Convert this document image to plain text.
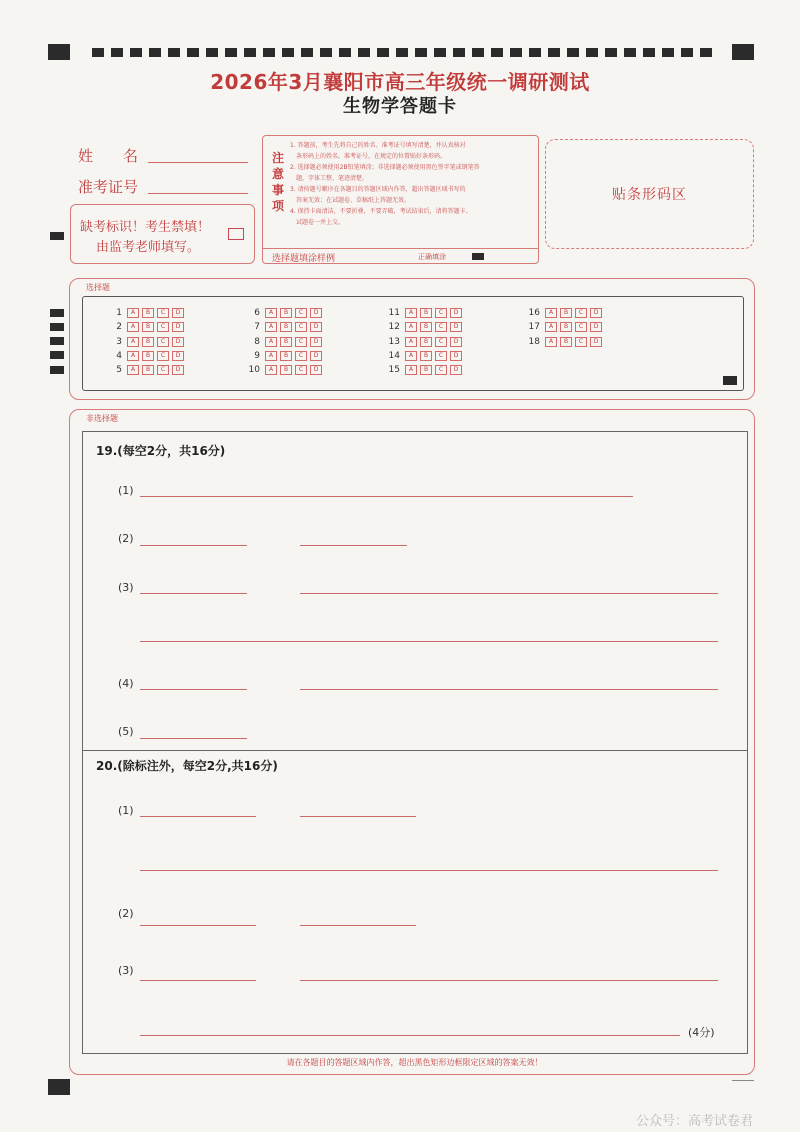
2026年3月襄阳市高三年级统一调研测试
生物学答题卡
姓　　名
准考证号
缺考标识！考生禁填！
由监考老师填写。
注
意
事
项
1. 答题前，考生先将自己的姓名、准考证号填写清楚，并认真核对
条形码上的姓名、准考证号，在规定的位置贴好条形码。
2. 选择题必须使用2B铅笔填涂；非选择题必须使用黑色签字笔或钢笔答
题，字体工整、笔迹清楚。
3. 请按题号顺序在各题目的答题区域内作答，超出答题区域书写的
答案无效；在试题卷、草稿纸上答题无效。
4. 保持卡面清洁，不要折叠，不要弄破，考试结束后，请将答题卡、
试题卷一并上交。
选择题填涂样例	正确填涂
贴条形码区
选择题
1	A	B	C	D
2	A	B	C	D
3	A	B	C	D
4	A	B	C	D
5	A	B	C	D
6	A	B	C	D
7	A	B	C	D
8	A	B	C	D
9	A	B	C	D
10	A	B	C	D
11	A	B	C	D
12	A	B	C	D
13	A	B	C	D
14	A	B	C	D
15	A	B	C	D
16	A	B	C	D
17	A	B	C	D
18	A	B	C	D
非选择题
19.(每空2分，共16分)
(1)
(2)
(3)
(4)
(5)
20.(除标注外，每空2分,共16分)
(1)
(2)
(3)
(4分)
请在各题目的答题区域内作答，超出黑色矩形边框限定区域的答案无效！
公众号：高考试卷君
